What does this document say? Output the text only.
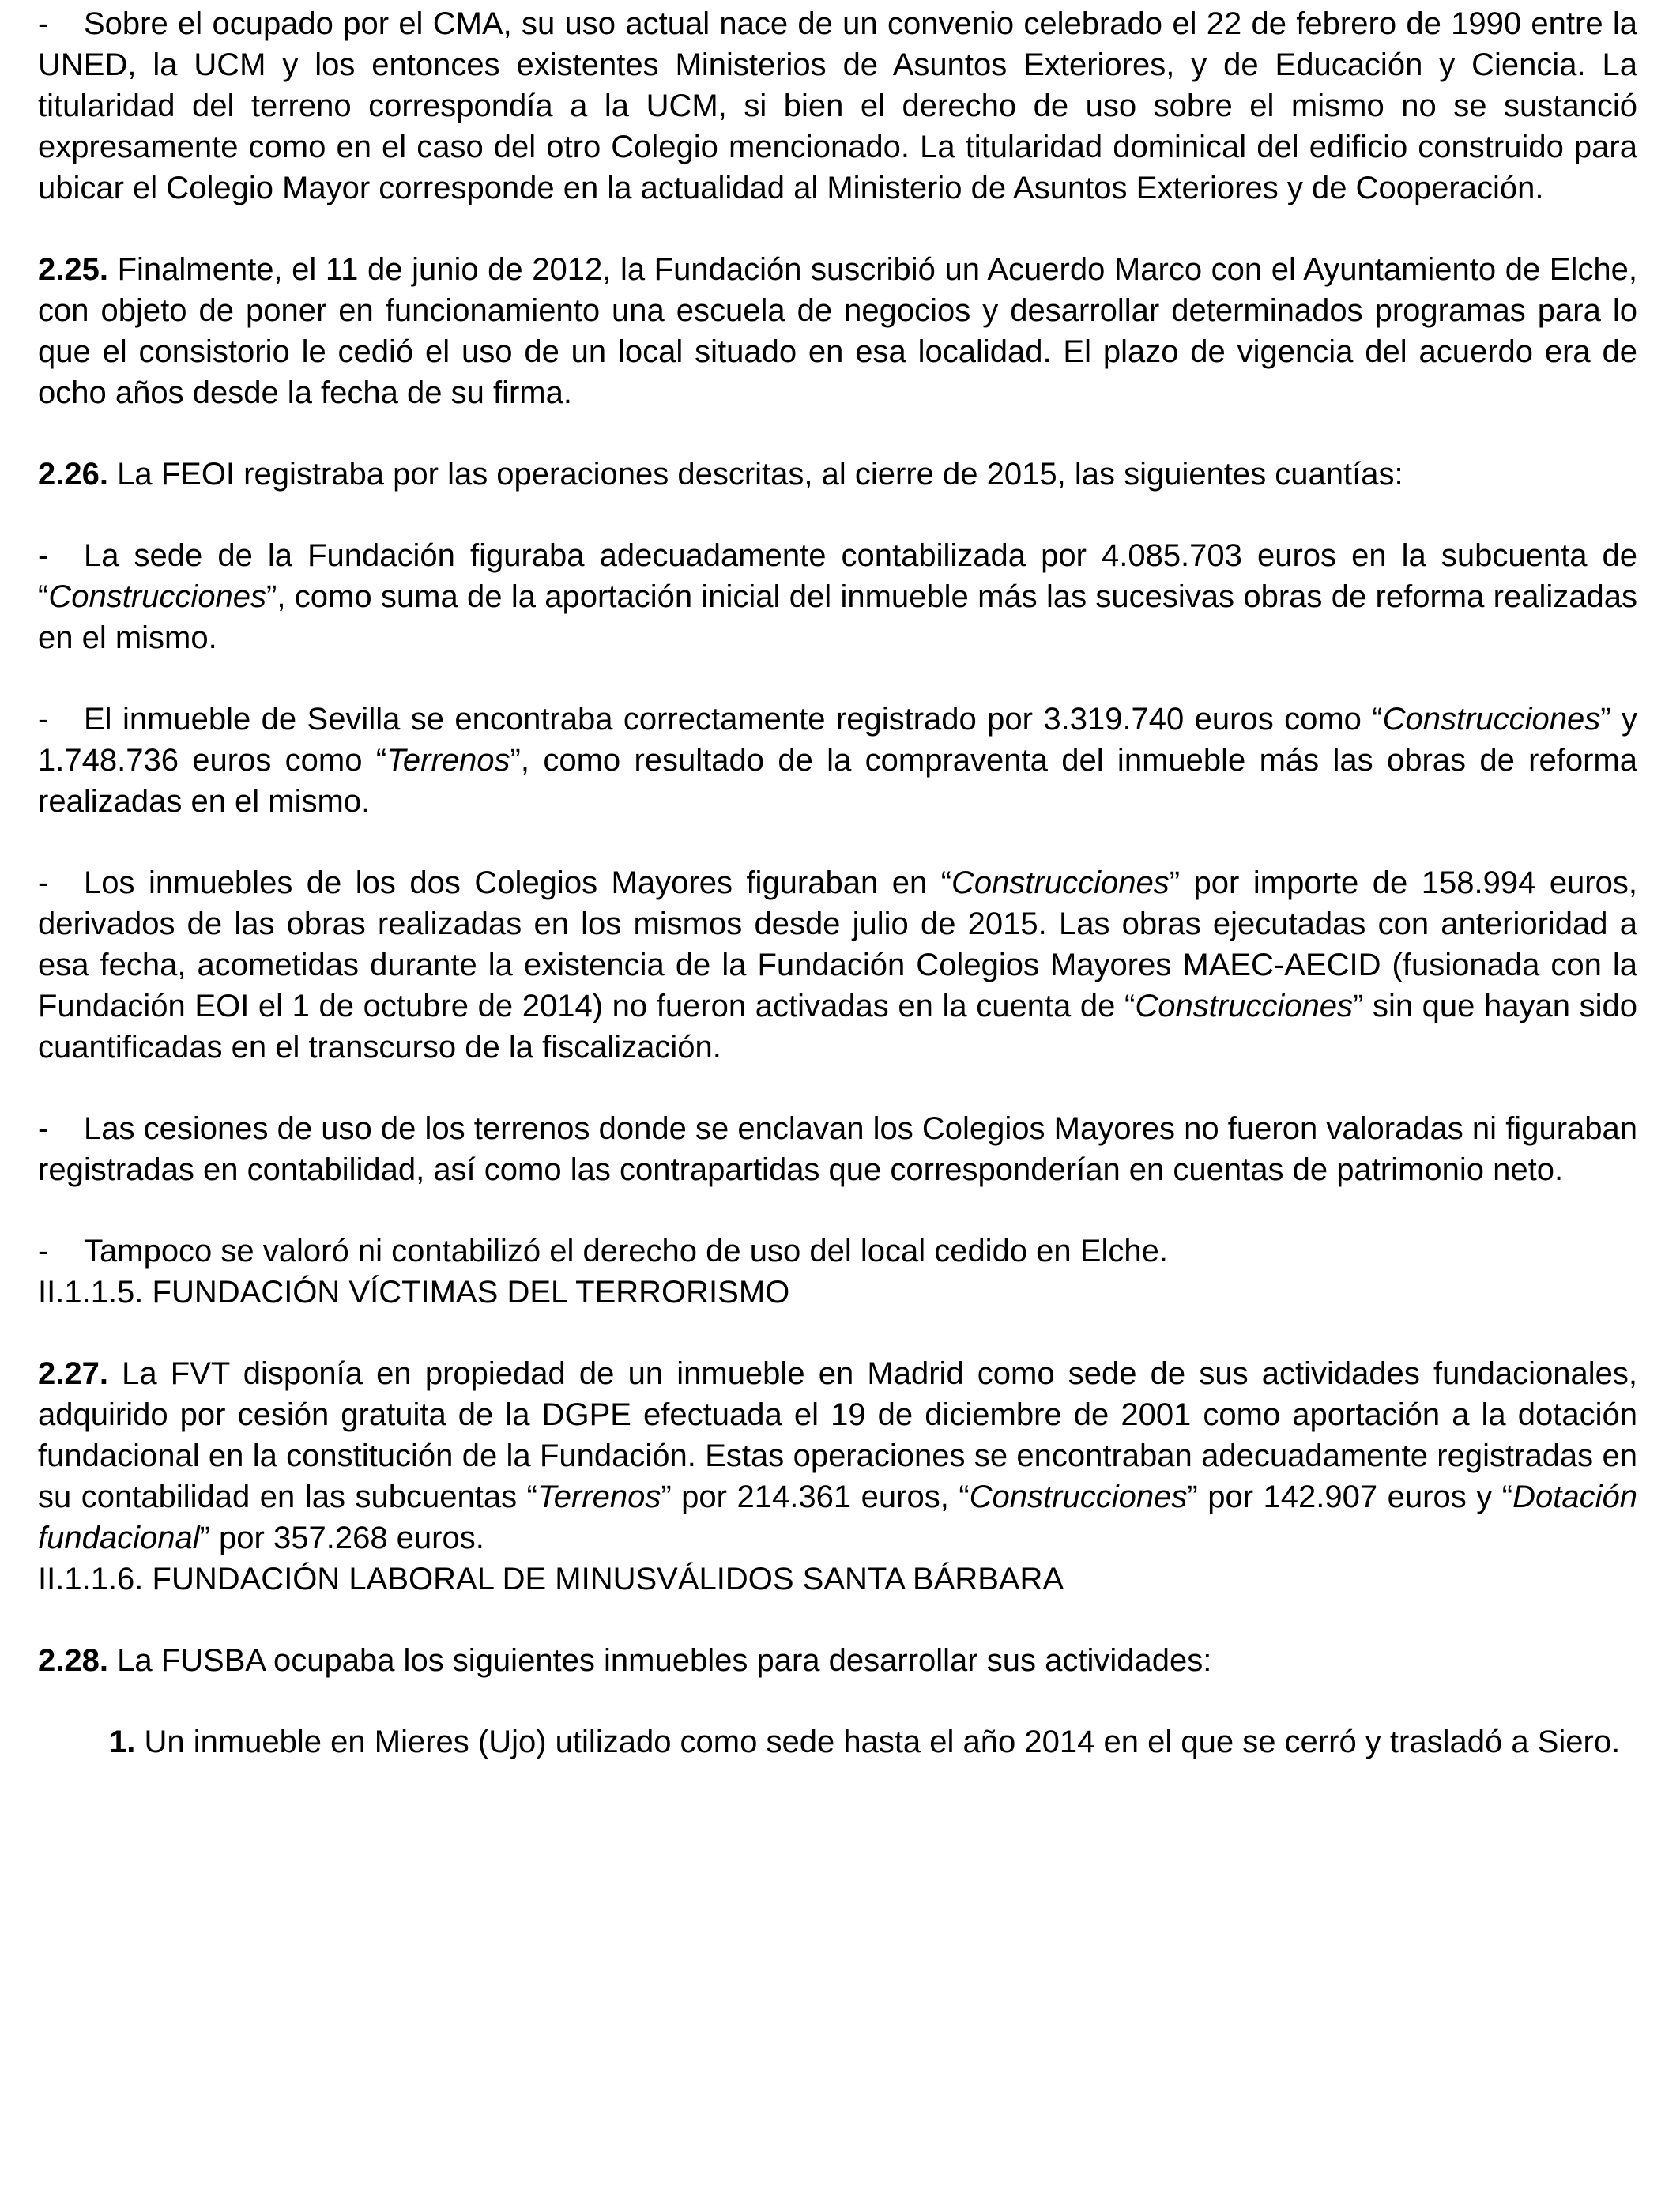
- Sobre el ocupado por el CMA, su uso actual nace de un convenio celebrado el 22 de febrero de 1990 entre la UNED, la UCM y los entonces existentes Ministerios de Asuntos Exteriores, y de Educación y Ciencia. La titularidad del terreno correspondía a la UCM, si bien el derecho de uso sobre el mismo no se sustanció expresamente como en el caso del otro Colegio mencionado. La titularidad dominical del edificio construido para ubicar el Colegio Mayor corresponde en la actualidad al Ministerio de Asuntos Exteriores y de Cooperación.

2.25. Finalmente, el 11 de junio de 2012, la Fundación suscribió un Acuerdo Marco con el Ayuntamiento de Elche, con objeto de poner en funcionamiento una escuela de negocios y desarrollar determinados programas para lo que el consistorio le cedió el uso de un local situado en esa localidad. El plazo de vigencia del acuerdo era de ocho años desde la fecha de su firma.

2.26. La FEOI registraba por las operaciones descritas, al cierre de 2015, las siguientes cuantías:

- La sede de la Fundación figuraba adecuadamente contabilizada por 4.085.703 euros en la subcuenta de “Construcciones”, como suma de la aportación inicial del inmueble más las sucesivas obras de reforma realizadas en el mismo.

- El inmueble de Sevilla se encontraba correctamente registrado por 3.319.740 euros como “Construcciones” y 1.748.736 euros como “Terrenos”, como resultado de la compraventa del inmueble más las obras de reforma realizadas en el mismo.

- Los inmuebles de los dos Colegios Mayores figuraban en “Construcciones” por importe de 158.994 euros, derivados de las obras realizadas en los mismos desde julio de 2015. Las obras ejecutadas con anterioridad a esa fecha, acometidas durante la existencia de la Fundación Colegios Mayores MAEC-AECID (fusionada con la Fundación EOI el 1 de octubre de 2014) no fueron activadas en la cuenta de “Construcciones” sin que hayan sido cuantificadas en el transcurso de la fiscalización.

- Las cesiones de uso de los terrenos donde se enclavan los Colegios Mayores no fueron valoradas ni figuraban registradas en contabilidad, así como las contrapartidas que corresponderían en cuentas de patrimonio neto.

- Tampoco se valoró ni contabilizó el derecho de uso del local cedido en Elche.

II.1.1.5. FUNDACIÓN VÍCTIMAS DEL TERRORISMO

2.27. La FVT disponía en propiedad de un inmueble en Madrid como sede de sus actividades fundacionales, adquirido por cesión gratuita de la DGPE efectuada el 19 de diciembre de 2001 como aportación a la dotación fundacional en la constitución de la Fundación. Estas operaciones se encontraban adecuadamente registradas en su contabilidad en las subcuentas “Terrenos” por 214.361 euros, “Construcciones” por 142.907 euros y “Dotación fundacional” por 357.268 euros.

II.1.1.6. FUNDACIÓN LABORAL DE MINUSVÁLIDOS SANTA BÁRBARA

2.28. La FUSBA ocupaba los siguientes inmuebles para desarrollar sus actividades:

1. Un inmueble en Mieres (Ujo) utilizado como sede hasta el año 2014 en el que se cerró y trasladó a Siero.
